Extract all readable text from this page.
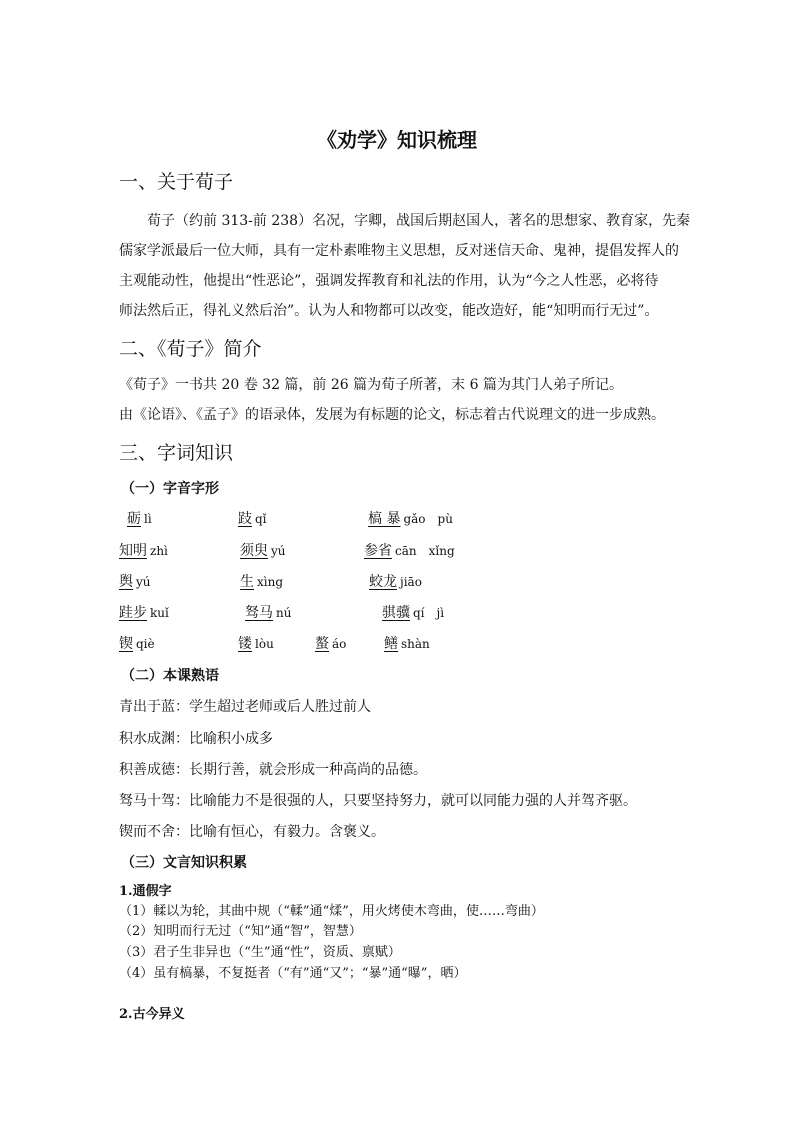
《劝学》知识梳理
一、关于荀子
　　荀子（约前 313-前 238）名况，字卿，战国后期赵国人，著名的思想家、教育家，先秦
儒家学派最后一位大师，具有一定朴素唯物主义思想，反对迷信天命、鬼神，提倡发挥人的
主观能动性，他提出“性恶论”，强调发挥教育和礼法的作用，认为“今之人性恶，必将待
师法然后正，得礼义然后治”。认为人和物都可以改变，能改造好，能“知明而行无过”。
二、《荀子》简介
《荀子》一书共 20 卷 32 篇，前 26 篇为荀子所著，末 6 篇为其门人弟子所记。
由《论语》、《孟子》的语录体，发展为有标题的论文，标志着古代说理文的进一步成熟。
三、字词知识
（一）字音字形
砺 lì	跂 qǐ	槁 暴 gǎo　pù
知明 zhì	须臾 yú	参省 cān　xǐng
舆 yú	生 xìng	蛟龙 jiāo
跬步 kuǐ	驽马 nú	骐骥 qí　jì
锲 qiè	镂 lòu	螯 áo	鳝 shàn
（二）本课熟语
青出于蓝：学生超过老师或后人胜过前人
积水成渊：比喻积小成多
积善成德：长期行善，就会形成一种高尚的品德。
驽马十驾：比喻能力不是很强的人，只要坚持努力，就可以同能力强的人并驾齐驱。
锲而不舍：比喻有恒心，有毅力。含褒义。
（三）文言知识积累
1.通假字
（1）輮以为轮，其曲中规（“輮”通“煣”，用火烤使木弯曲，使……弯曲）
（2）知明而行无过（“知”通“智”，智慧）
（3）君子生非异也（“生”通“性”，资质、禀赋）
（4）虽有槁暴，不复挺者（“有”通“又”；“暴”通“曝”，晒）
2.古今异义
